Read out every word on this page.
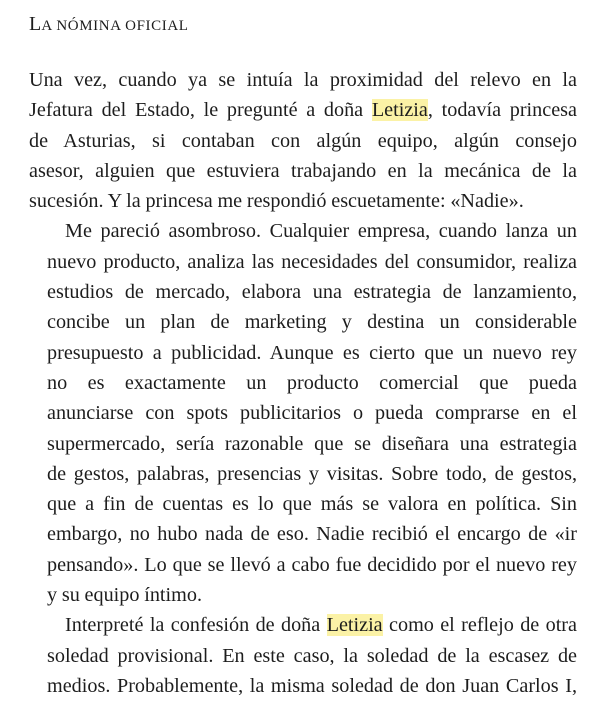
LA NÓMINA OFICIAL
Una vez, cuando ya se intuía la proximidad del relevo en la
Jefatura del Estado, le pregunté a doña Letizia, todavía princesa
de Asturias, si contaban con algún equipo, algún consejo
asesor, alguien que estuviera trabajando en la mecánica de la
sucesión. Y la princesa me respondió escuetamente: «Nadie».
Me pareció asombroso. Cualquier empresa, cuando lanza un
nuevo producto, analiza las necesidades del consumidor, realiza
estudios de mercado, elabora una estrategia de lanzamiento,
concibe un plan de marketing y destina un considerable
presupuesto a publicidad. Aunque es cierto que un nuevo rey
no es exactamente un producto comercial que pueda
anunciarse con spots publicitarios o pueda comprarse en el
supermercado, sería razonable que se diseñara una estrategia
de gestos, palabras, presencias y visitas. Sobre todo, de gestos,
que a fin de cuentas es lo que más se valora en política. Sin
embargo, no hubo nada de eso. Nadie recibió el encargo de «ir
pensando». Lo que se llevó a cabo fue decidido por el nuevo rey
y su equipo íntimo.
Interpreté la confesión de doña Letizia como el reflejo de otra
soledad provisional. En este caso, la soledad de la escasez de
medios. Probablemente, la misma soledad de don Juan Carlos I,
